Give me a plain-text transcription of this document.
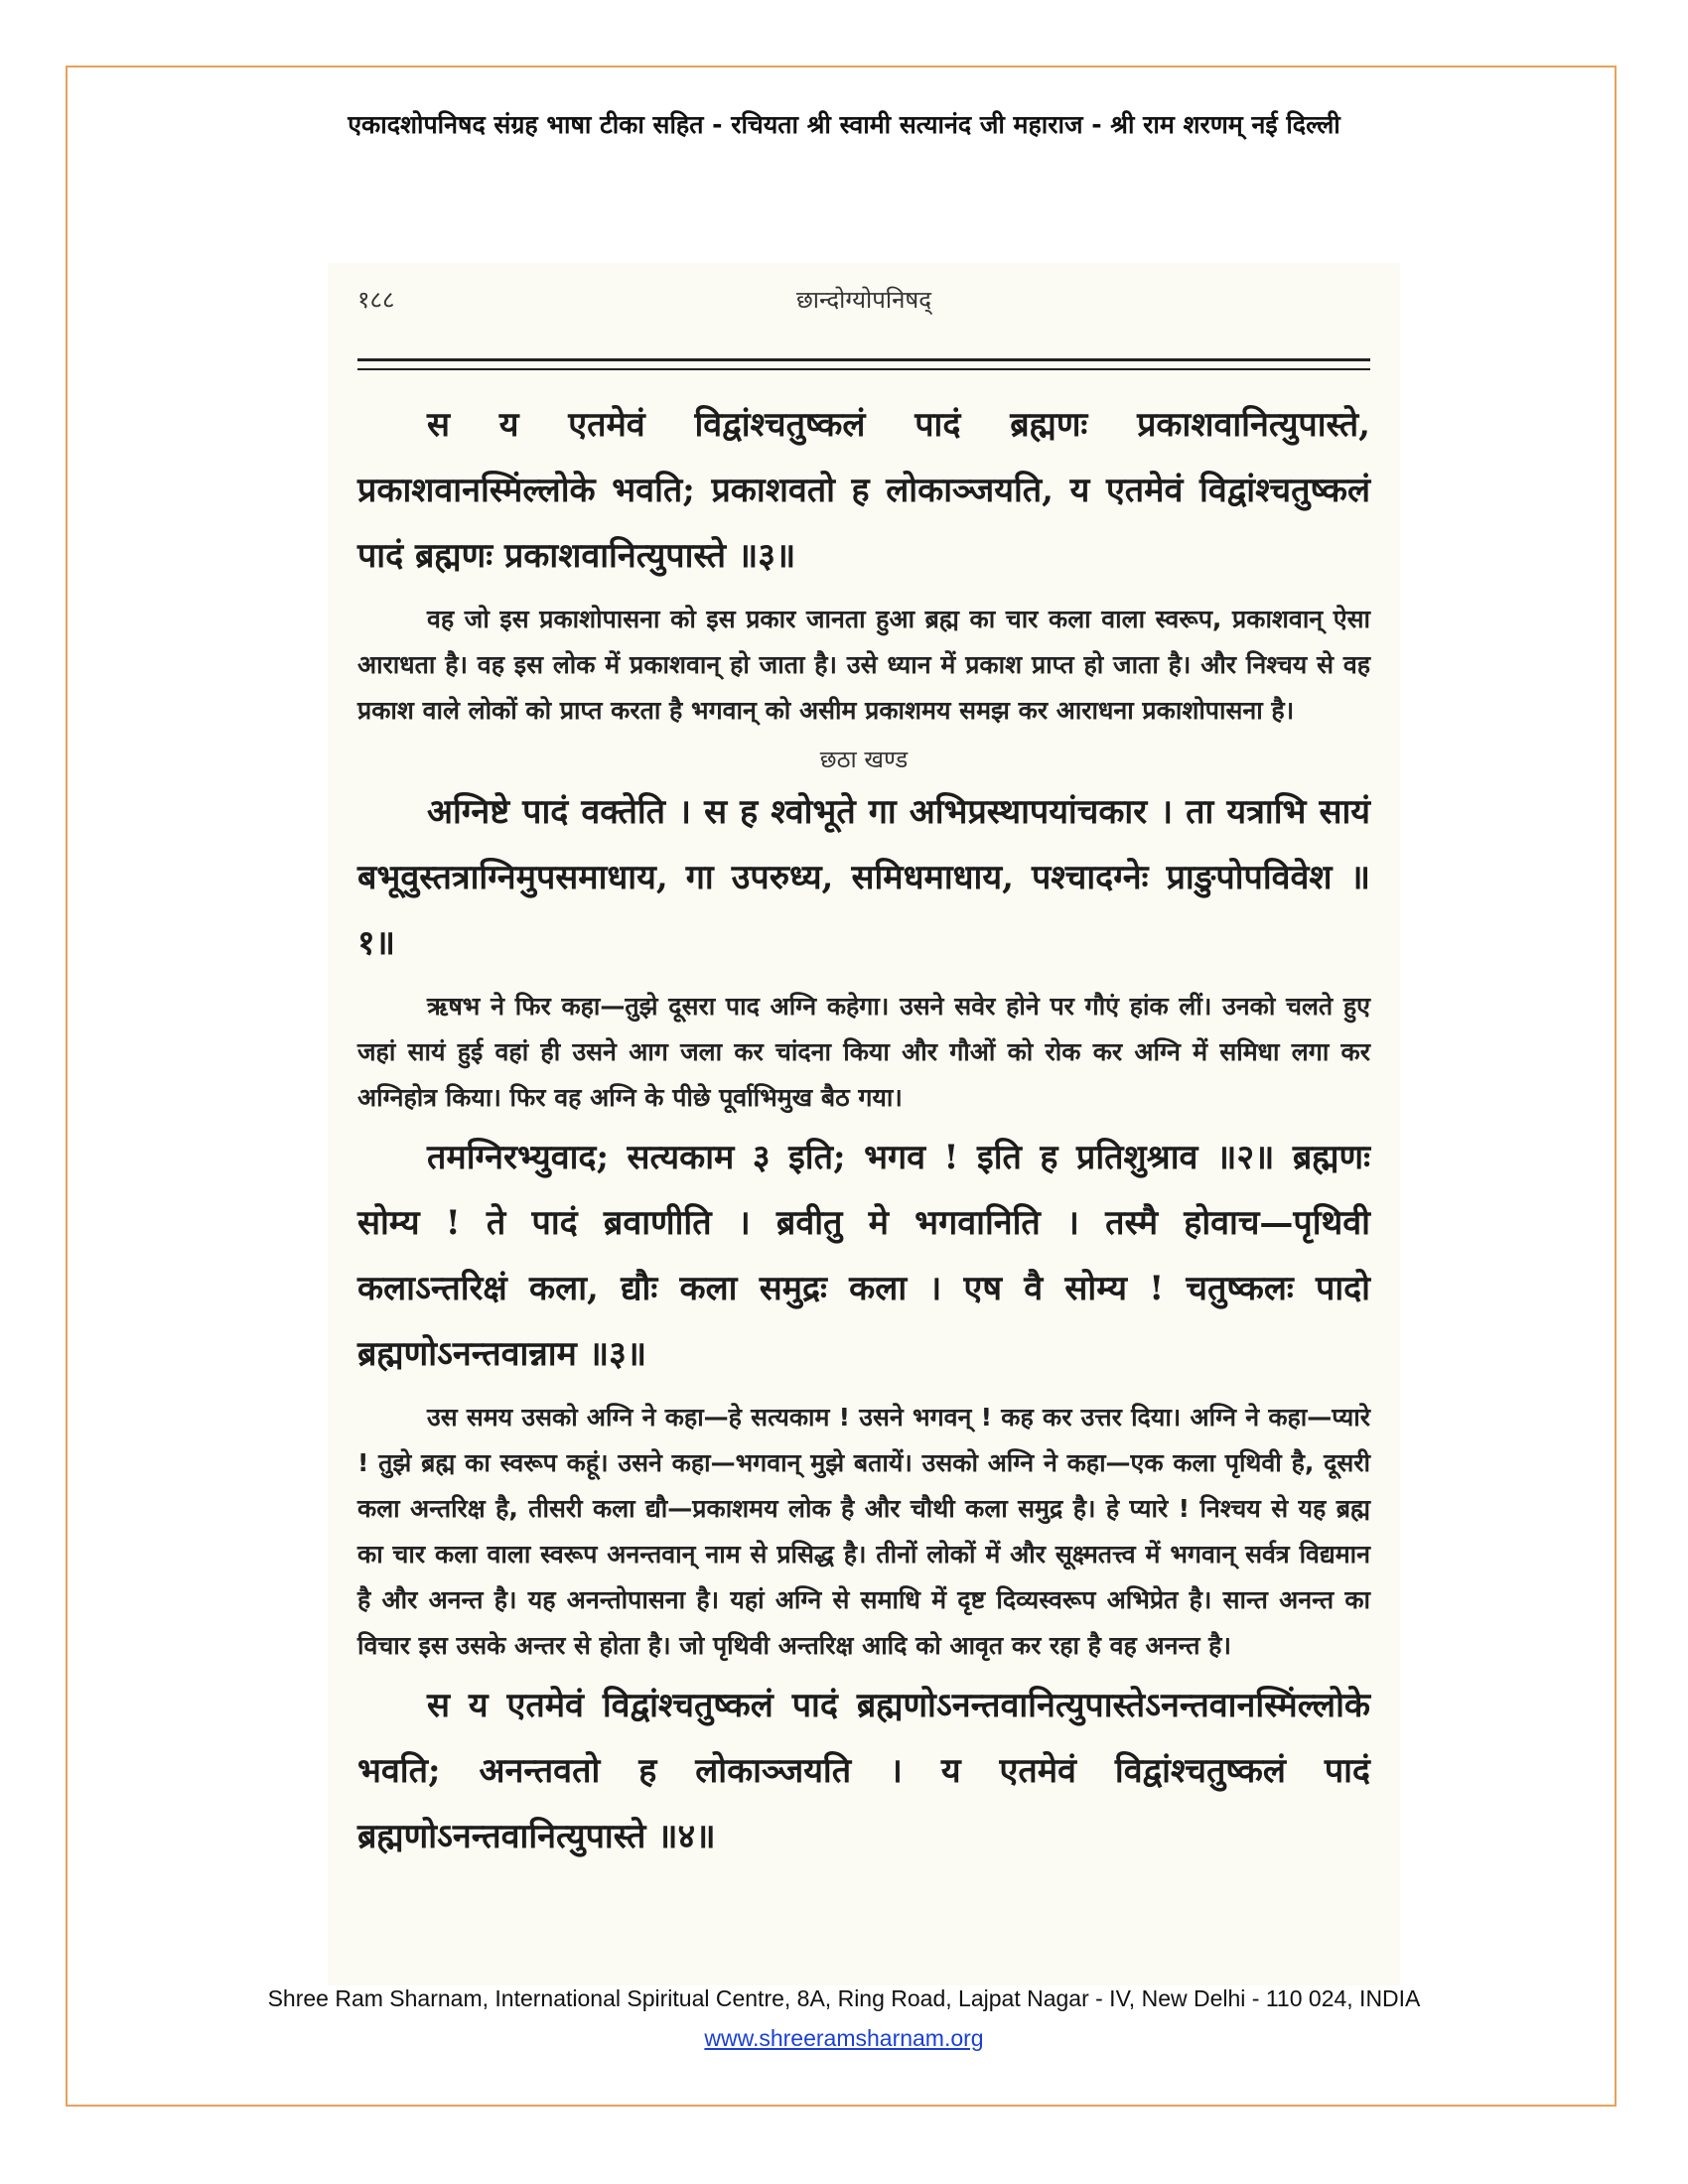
एकादशोपनिषद संग्रह भाषा टीका सहित - रचियता श्री स्वामी सत्यानंद जी महाराज - श्री राम शरणम् नई दिल्ली
१८८	छान्दोग्योपनिषद्

स य एतमेवं विद्वांश्चतुष्कलं पादं ब्रह्मणः प्रकाशवानित्युपास्ते, प्रकाशवानस्मिंल्लोके भवति; प्रकाशवतो ह लोकाञ्जयति, य एतमेवं विद्वांश्चतुष्कलं पादं ब्रह्मणः प्रकाशवानित्युपास्ते ॥३॥

वह जो इस प्रकाशोपासना को इस प्रकार जानता हुआ ब्रह्म का चार कला वाला स्वरूप, प्रकाशवान् ऐसा आराधता है। वह इस लोक में प्रकाशवान् हो जाता है। उसे ध्यान में प्रकाश प्राप्त हो जाता है। और निश्चय से वह प्रकाश वाले लोकों को प्राप्त करता है भगवान् को असीम प्रकाशमय समझ कर आराधना प्रकाशोपासना है।

छठा खण्ड

अग्निष्टे पादं वक्तेति । स ह श्वोभूते गा अभिप्रस्थापयांचकार । ता यत्राभि सायं बभूवुस्तत्राग्निमुपसमाधाय, गा उपरुध्य, समिधमाधाय, पश्चादग्नेः प्राङुपोपविवेश ॥१॥

ऋषभ ने फिर कहा—तुझे दूसरा पाद अग्नि कहेगा। उसने सवेर होने पर गौएं हांक लीं। उनको चलते हुए जहां सायं हुई वहां ही उसने आग जला कर चांदना किया और गौओं को रोक कर अग्नि में समिधा लगा कर अग्निहोत्र किया। फिर वह अग्नि के पीछे पूर्वाभिमुख बैठ गया।

तमग्निरभ्युवाद; सत्यकाम ३ इति; भगव ! इति ह प्रतिशुश्राव ॥२॥ ब्रह्मणः सोम्य ! ते पादं ब्रवाणीति । ब्रवीतु मे भगवानिति । तस्मै होवाच—पृथिवी कलाऽन्तरिक्षं कला, द्यौः कला समुद्रः कला । एष वै सोम्य ! चतुष्कलः पादो ब्रह्मणोऽनन्तवान्नाम ॥३॥

उस समय उसको अग्नि ने कहा—हे सत्यकाम ! उसने भगवन् ! कह कर उत्तर दिया। अग्नि ने कहा—प्यारे ! तुझे ब्रह्म का स्वरूप कहूं। उसने कहा—भगवान् मुझे बतायें। उसको अग्नि ने कहा—एक कला पृथिवी है, दूसरी कला अन्तरिक्ष है, तीसरी कला द्यौ—प्रकाशमय लोक है और चौथी कला समुद्र है। हे प्यारे ! निश्चय से यह ब्रह्म का चार कला वाला स्वरूप अनन्तवान् नाम से प्रसिद्ध है। तीनों लोकों में और सूक्ष्मतत्त्व में भगवान् सर्वत्र विद्यमान है और अनन्त है। यह अनन्तोपासना है। यहां अग्नि से समाधि में दृष्ट दिव्यस्वरूप अभिप्रेत है। सान्त अनन्त का विचार इस उसके अन्तर से होता है। जो पृथिवी अन्तरिक्ष आदि को आवृत कर रहा है वह अनन्त है।

स य एतमेवं विद्वांश्चतुष्कलं पादं ब्रह्मणोऽनन्तवानित्युपास्तेऽनन्तवानस्मिंल्लोके भवति; अनन्तवतो ह लोकाञ्जयति । य एतमेवं विद्वांश्चतुष्कलं पादं ब्रह्मणोऽनन्तवानित्युपास्ते ॥४॥

Shree Ram Sharnam, International Spiritual Centre, 8A, Ring Road, Lajpat Nagar - IV, New Delhi - 110 024, INDIA
www.shreeramsharnam.org
